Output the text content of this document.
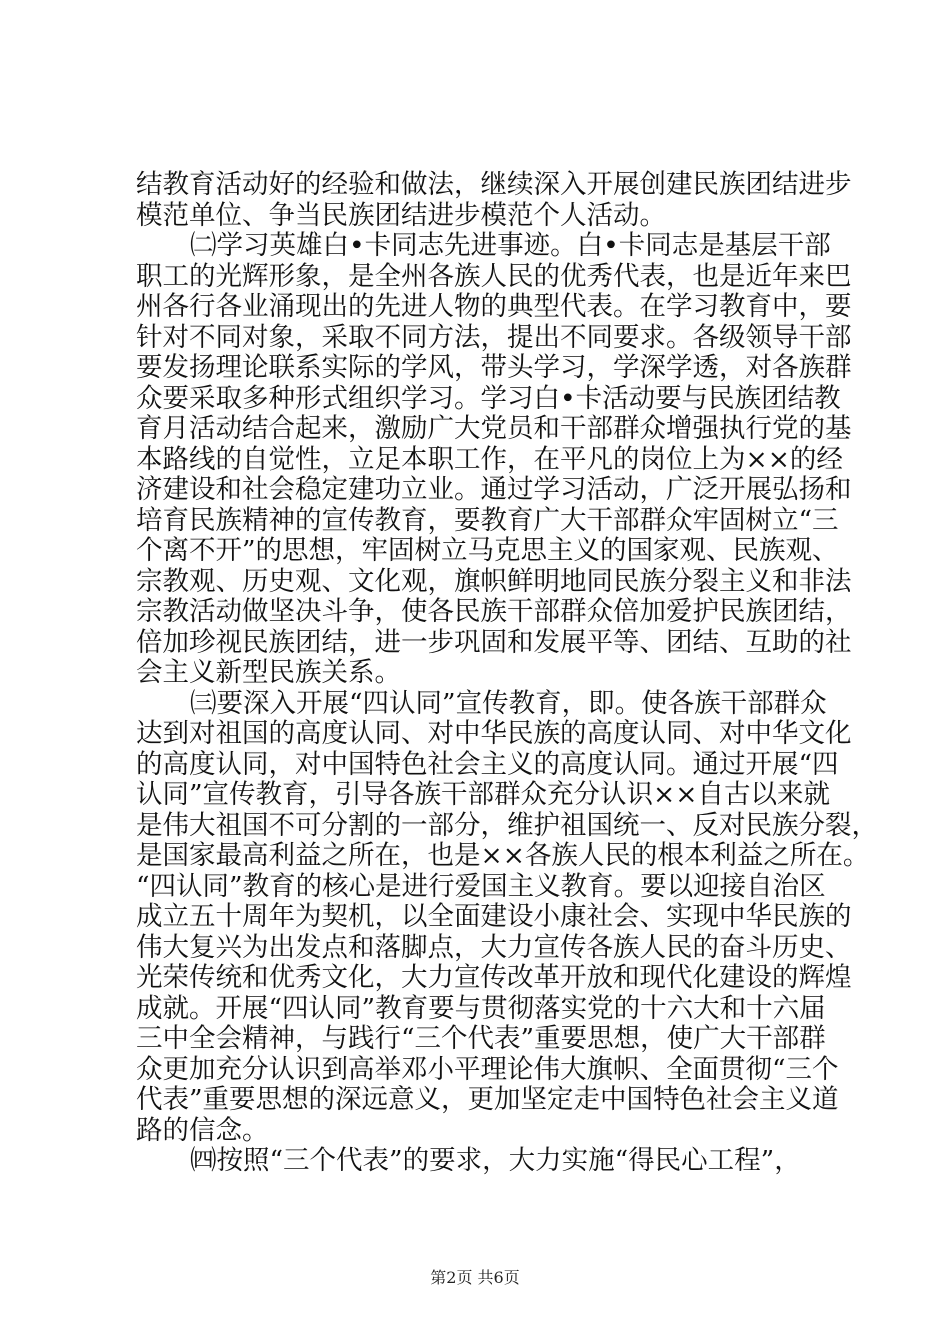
结教育活动好的经验和做法，继续深入开展创建民族团结进步
模范单位、争当民族团结进步模范个人活动。
㈡学习英雄白•卡同志先进事迹。白•卡同志是基层干部
职工的光辉形象，是全州各族人民的优秀代表，也是近年来巴
州各行各业涌现出的先进人物的典型代表。在学习教育中，要
针对不同对象，采取不同方法，提出不同要求。各级领导干部
要发扬理论联系实际的学风，带头学习，学深学透，对各族群
众要采取多种形式组织学习。学习白•卡活动要与民族团结教
育月活动结合起来，激励广大党员和干部群众增强执行党的基
本路线的自觉性，立足本职工作，在平凡的岗位上为××的经
济建设和社会稳定建功立业。通过学习活动，广泛开展弘扬和
培育民族精神的宣传教育，要教育广大干部群众牢固树立“三
个离不开”的思想，牢固树立马克思主义的国家观、民族观、
宗教观、历史观、文化观，旗帜鲜明地同民族分裂主义和非法
宗教活动做坚决斗争，使各民族干部群众倍加爱护民族团结，
倍加珍视民族团结，进一步巩固和发展平等、团结、互助的社
会主义新型民族关系。
㈢要深入开展“四认同”宣传教育，即。使各族干部群众
达到对祖国的高度认同、对中华民族的高度认同、对中华文化
的高度认同，对中国特色社会主义的高度认同。通过开展“四
认同”宣传教育，引导各族干部群众充分认识××自古以来就
是伟大祖国不可分割的一部分，维护祖国统一、反对民族分裂，
是国家最高利益之所在，也是××各族人民的根本利益之所在。
“四认同”教育的核心是进行爱国主义教育。要以迎接自治区
成立五十周年为契机，以全面建设小康社会、实现中华民族的
伟大复兴为出发点和落脚点，大力宣传各族人民的奋斗历史、
光荣传统和优秀文化，大力宣传改革开放和现代化建设的辉煌
成就。开展“四认同”教育要与贯彻落实党的十六大和十六届
三中全会精神，与践行“三个代表”重要思想，使广大干部群
众更加充分认识到高举邓小平理论伟大旗帜、全面贯彻“三个
代表”重要思想的深远意义，更加坚定走中国特色社会主义道
路的信念。
㈣按照“三个代表”的要求，大力实施“得民心工程”，
第2页 共6页
